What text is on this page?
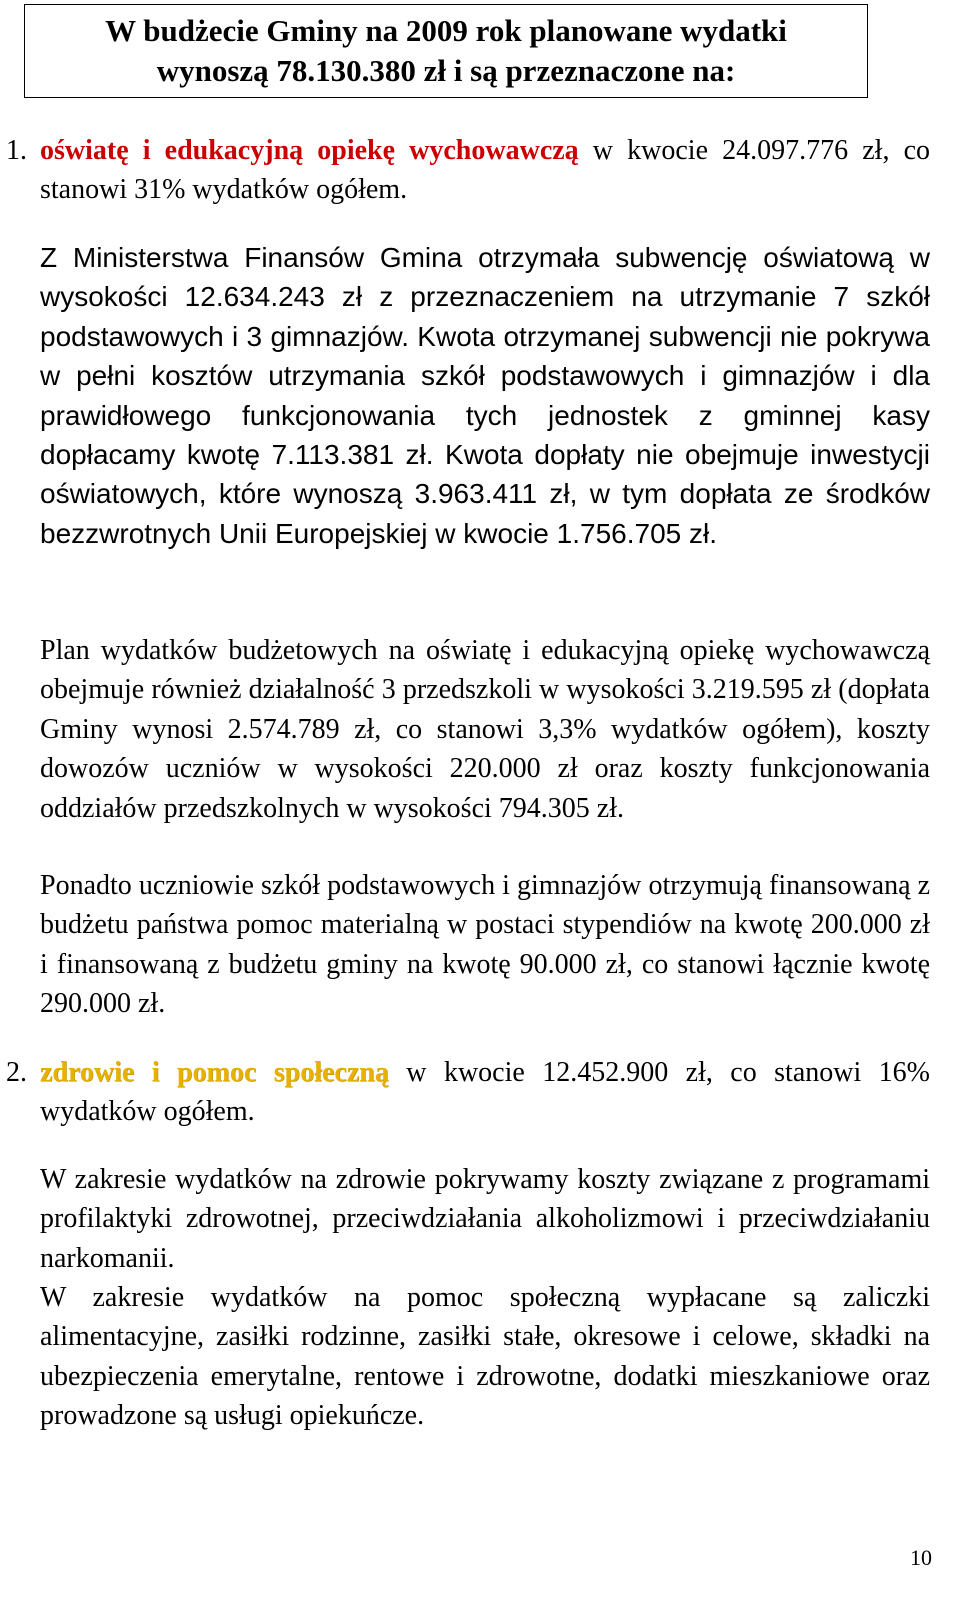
W budżecie Gminy na 2009 rok planowane wydatki
wynoszą 78.130.380 zł i są przeznaczone na:
1. oświatę i edukacyjną opiekę wychowawczą w kwocie 24.097.776 zł, co stanowi 31% wydatków ogółem.
Z Ministerstwa Finansów Gmina otrzymała subwencję oświatową w wysokości 12.634.243 zł z przeznaczeniem na utrzymanie 7 szkół podstawowych i 3 gimnazjów. Kwota otrzymanej subwencji nie pokrywa w pełni kosztów utrzymania szkół podstawowych i gimnazjów i dla prawidłowego funkcjonowania tych jednostek z gminnej kasy dopłacamy kwotę 7.113.381 zł. Kwota dopłaty nie obejmuje inwestycji oświatowych, które wynoszą 3.963.411 zł, w tym dopłata ze środków bezzwrotnych Unii Europejskiej w kwocie 1.756.705 zł.
Plan wydatków budżetowych na oświatę i edukacyjną opiekę wychowawczą obejmuje również działalność 3 przedszkoli w wysokości 3.219.595 zł (dopłata Gminy wynosi 2.574.789 zł, co stanowi 3,3% wydatków ogółem), koszty dowozów uczniów w wysokości 220.000 zł oraz koszty funkcjonowania oddziałów przedszkolnych w wysokości 794.305 zł.
Ponadto uczniowie szkół podstawowych i gimnazjów otrzymują finansowaną z budżetu państwa pomoc materialną w postaci stypendiów na kwotę 200.000 zł i finansowaną z budżetu gminy na kwotę 90.000 zł, co stanowi łącznie kwotę 290.000 zł.
2. zdrowie i pomoc społeczną w kwocie 12.452.900 zł, co stanowi 16% wydatków ogółem.
W zakresie wydatków na zdrowie pokrywamy koszty związane z programami profilaktyki zdrowotnej, przeciwdziałania alkoholizmowi i przeciwdziałaniu narkomanii.
W zakresie wydatków na pomoc społeczną wypłacane są zaliczki alimentacyjne, zasiłki rodzinne, zasiłki stałe, okresowe i celowe, składki na ubezpieczenia emerytalne, rentowe i zdrowotne, dodatki mieszkaniowe oraz prowadzone są usługi opiekuńcze.
10
